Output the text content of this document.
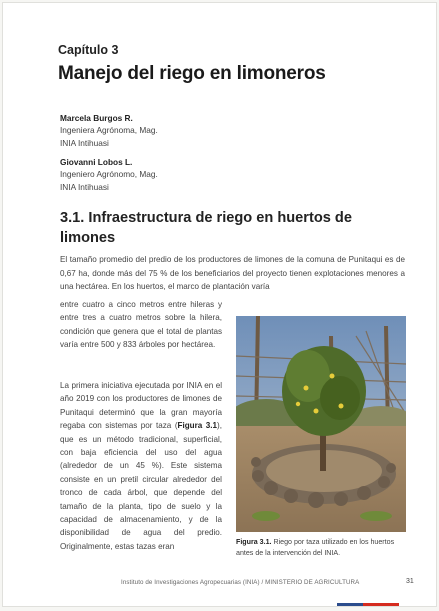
Capítulo 3
Manejo del riego en limoneros
Marcela Burgos R.
Ingeniera Agrónoma, Mag.
INIA Intihuasi
Giovanni Lobos L.
Ingeniero Agrónomo, Mag.
INIA Intihuasi
3.1. Infraestructura de riego en huertos de limones
El tamaño promedio del predio de los productores de limones de la comuna de Punitaqui es de 0,67 ha, donde más del 75 % de los beneficiarios del proyecto tienen explotaciones menores a una hectárea. En los huertos, el marco de plantación varía
entre cuatro a cinco metros entre hileras y entre tres a cuatro metros sobre la hilera, condición que genera que el total de plantas varía entre 500 y 833 árboles por hectárea.
La primera iniciativa ejecutada por INIA en el año 2019 con los productores de limones de Punitaqui determinó que la gran mayoría regaba con sistemas por taza (Figura 3.1), que es un método tradicional, superficial, con baja eficiencia del uso del agua (alrededor de un 45 %). Este sistema consiste en un pretil circular alrededor del tronco de cada árbol, que depende del tamaño de la planta, tipo de suelo y la capacidad de almacenamiento, y de la disponibilidad de agua del predio. Originalmente, estas tazas eran	Figura 3.1. Riego por taza utilizado en los huertos antes de la intervención del INIA.
Instituto de Investigaciones Agropecuarias (INIA) / MINISTERIO DE AGRICULTURA	31
